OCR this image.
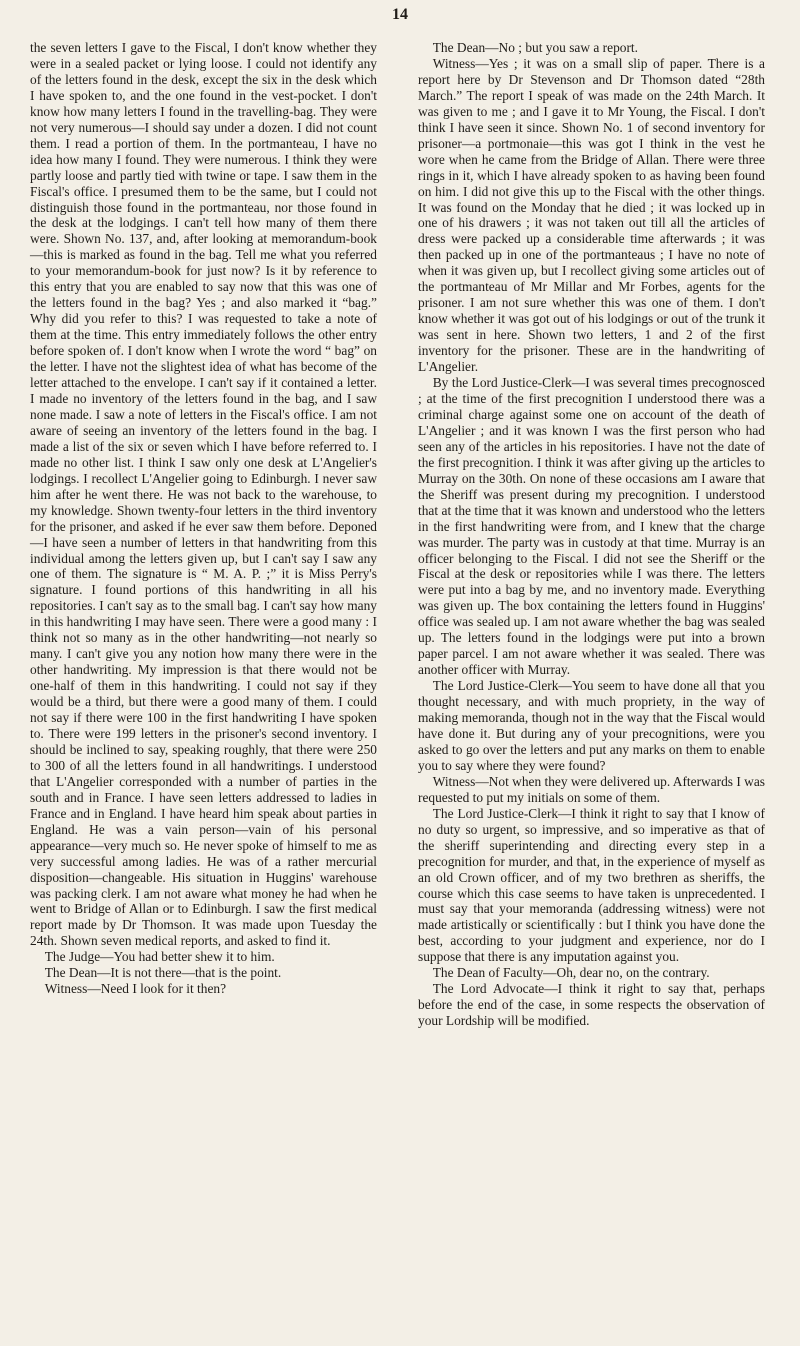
14

the seven letters I gave to the Fiscal, I don't know whether they were in a sealed packet or lying loose. I could not identify any of the letters found in the desk, except the six in the desk which I have spoken to, and the one found in the vest-pocket. I don't know how many letters I found in the travelling-bag. They were not very numerous—I should say under a dozen. I did not count them. I read a portion of them. In the portmanteau, I have no idea how many I found. They were numerous. I think they were partly loose and partly tied with twine or tape. I saw them in the Fiscal's office. I presumed them to be the same, but I could not distinguish those found in the portmanteau, nor those found in the desk at the lodgings. I can't tell how many of them there were. Shown No. 137, and, after looking at memorandum-book—this is marked as found in the bag. Tell me what you referred to your memorandum-book for just now? Is it by reference to this entry that you are enabled to say now that this was one of the letters found in the bag? Yes ; and also marked it “bag.” Why did you refer to this? I was requested to take a note of them at the time. This entry immediately follows the other entry before spoken of. I don't know when I wrote the word “ bag” on the letter. I have not the slightest idea of what has become of the letter attached to the envelope. I can't say if it contained a letter. I made no inventory of the letters found in the bag, and I saw none made. I saw a note of letters in the Fiscal's office. I am not aware of seeing an inventory of the letters found in the bag. I made a list of the six or seven which I have before referred to. I made no other list. I think I saw only one desk at L'Angelier's lodgings. I recollect L'Angelier going to Edinburgh. I never saw him after he went there. He was not back to the warehouse, to my knowledge. Shown twenty-four letters in the third inventory for the prisoner, and asked if he ever saw them before. Deponed—I have seen a number of letters in that handwriting from this individual among the letters given up, but I can't say I saw any one of them. The signature is “ M. A. P. ;” it is Miss Perry's signature. I found portions of this handwriting in all his repositories. I can't say as to the small bag. I can't say how many in this handwriting I may have seen. There were a good many : I think not so many as in the other handwriting—not nearly so many. I can't give you any notion how many there were in the other handwriting. My impression is that there would not be one-half of them in this handwriting. I could not say if they would be a third, but there were a good many of them. I could not say if there were 100 in the first handwriting I have spoken to. There were 199 letters in the prisoner's second inventory. I should be inclined to say, speaking roughly, that there were 250 to 300 of all the letters found in all handwritings. I understood that L'Angelier corresponded with a number of parties in the south and in France. I have seen letters addressed to ladies in France and in England. I have heard him speak about parties in England. He was a vain person—vain of his personal appearance—very much so. He never spoke of himself to me as very successful among ladies. He was of a rather mercurial disposition—changeable. His situation in Huggins' warehouse was packing clerk. I am not aware what money he had when he went to Bridge of Allan or to Edinburgh. I saw the first medical report made by Dr Thomson. It was made upon Tuesday the 24th. Shown seven medical reports, and asked to find it.

The Judge—You had better shew it to him.

The Dean—It is not there—that is the point.

Witness—Need I look for it then?

The Dean—No ; but you saw a report.

Witness—Yes ; it was on a small slip of paper. There is a report here by Dr Stevenson and Dr Thomson dated “28th March.” The report I speak of was made on the 24th March. It was given to me ; and I gave it to Mr Young, the Fiscal. I don't think I have seen it since. Shown No. 1 of second inventory for prisoner—a portmonaie—this was got I think in the vest he wore when he came from the Bridge of Allan. There were three rings in it, which I have already spoken to as having been found on him. I did not give this up to the Fiscal with the other things. It was found on the Monday that he died ; it was locked up in one of his drawers ; it was not taken out till all the articles of dress were packed up a considerable time afterwards ; it was then packed up in one of the portmanteaus ; I have no note of when it was given up, but I recollect giving some articles out of the portmanteau of Mr Millar and Mr Forbes, agents for the prisoner. I am not sure whether this was one of them. I don't know whether it was got out of his lodgings or out of the trunk it was sent in here. Shown two letters, 1 and 2 of the first inventory for the prisoner. These are in the handwriting of L'Angelier.

By the Lord Justice-Clerk—I was several times precognosced ; at the time of the first precognition I understood there was a criminal charge against some one on account of the death of L'Angelier ; and it was known I was the first person who had seen any of the articles in his repositories. I have not the date of the first precognition. I think it was after giving up the articles to Murray on the 30th. On none of these occasions am I aware that the Sheriff was present during my precognition. I understood that at the time that it was known and understood who the letters in the first handwriting were from, and I knew that the charge was murder. The party was in custody at that time. Murray is an officer belonging to the Fiscal. I did not see the Sheriff or the Fiscal at the desk or repositories while I was there. The letters were put into a bag by me, and no inventory made. Everything was given up. The box containing the letters found in Huggins' office was sealed up. I am not aware whether the bag was sealed up. The letters found in the lodgings were put into a brown paper parcel. I am not aware whether it was sealed. There was another officer with Murray.

The Lord Justice-Clerk—You seem to have done all that you thought necessary, and with much propriety, in the way of making memoranda, though not in the way that the Fiscal would have done it. But during any of your precognitions, were you asked to go over the letters and put any marks on them to enable you to say where they were found?

Witness—Not when they were delivered up. Afterwards I was requested to put my initials on some of them.

The Lord Justice-Clerk—I think it right to say that I know of no duty so urgent, so impressive, and so imperative as that of the sheriff superintending and directing every step in a precognition for murder, and that, in the experience of myself as an old Crown officer, and of my two brethren as sheriffs, the course which this case seems to have taken is unprecedented. I must say that your memoranda (addressing witness) were not made artistically or scientifically : but I think you have done the best, according to your judgment and experience, nor do I suppose that there is any imputation against you.

The Dean of Faculty—Oh, dear no, on the contrary.

The Lord Advocate—I think it right to say that, perhaps before the end of the case, in some respects the observation of your Lordship will be modified.
